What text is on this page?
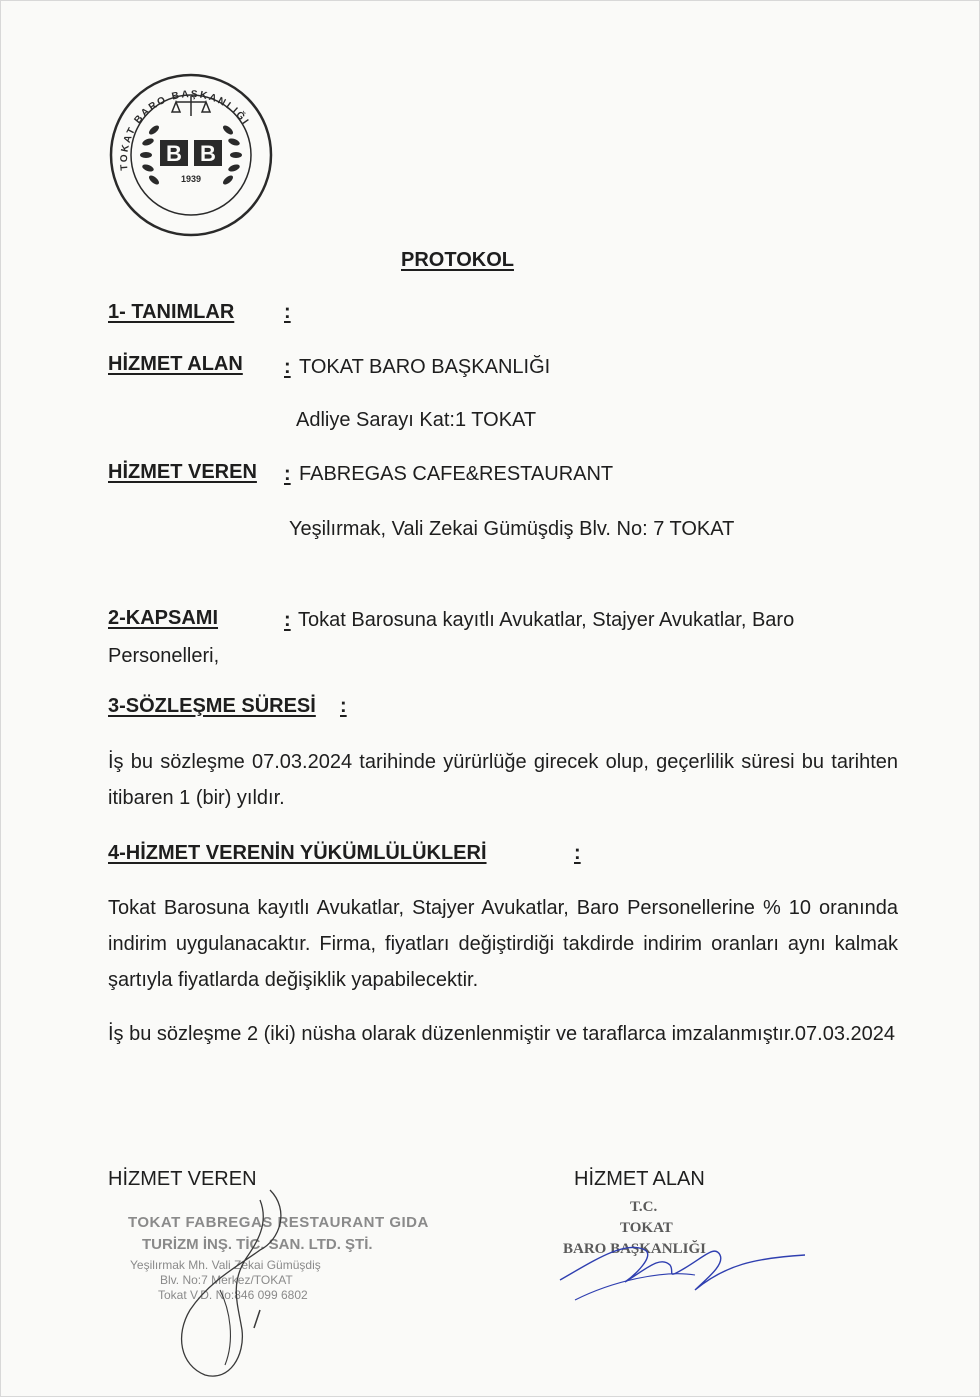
TOKAT BARO BAŞKANLIĞI
B B
1939
PROTOKOL
1- TANIMLAR :
HİZMET ALAN : TOKAT BARO BAŞKANLIĞI
Adliye Sarayı Kat:1 TOKAT
HİZMET VEREN : FABREGAS CAFE&RESTAURANT
Yeşilırmak, Vali Zekai Gümüşdiş Blv. No: 7 TOKAT
2-KAPSAMI	: Tokat Barosuna kayıtlı Avukatlar, Stajyer Avukatlar, Baro
Personelleri,
3-SÖZLEŞME SÜRESİ :
İş bu sözleşme 07.03.2024 tarihinde yürürlüğe girecek olup, geçerlilik süresi bu tarihten itibaren 1 (bir) yıldır.
4-HİZMET VERENİN YÜKÜMLÜLÜKLERİ	:
Tokat Barosuna kayıtlı Avukatlar, Stajyer Avukatlar, Baro Personellerine % 10 oranında indirim uygulanacaktır. Firma, fiyatları değiştirdiği takdirde indirim oranları aynı kalmak şartıyla fiyatlarda değişiklik yapabilecektir.
İş bu sözleşme 2 (iki) nüsha olarak düzenlenmiştir ve taraflarca imzalanmıştır.07.03.2024
HİZMET VEREN	HİZMET ALAN
TOKAT FABREGAS RESTAURANT GIDA
TURİZM İNŞ. TİC. SAN. LTD. ŞTİ.
Yeşilırmak Mh. Vali Zekai Gümüşdiş
Blv. No:7 Merkez/TOKAT
Tokat V.D. No:846 099 6802
T.C.
TOKAT
BARO BAŞKANLIĞI
